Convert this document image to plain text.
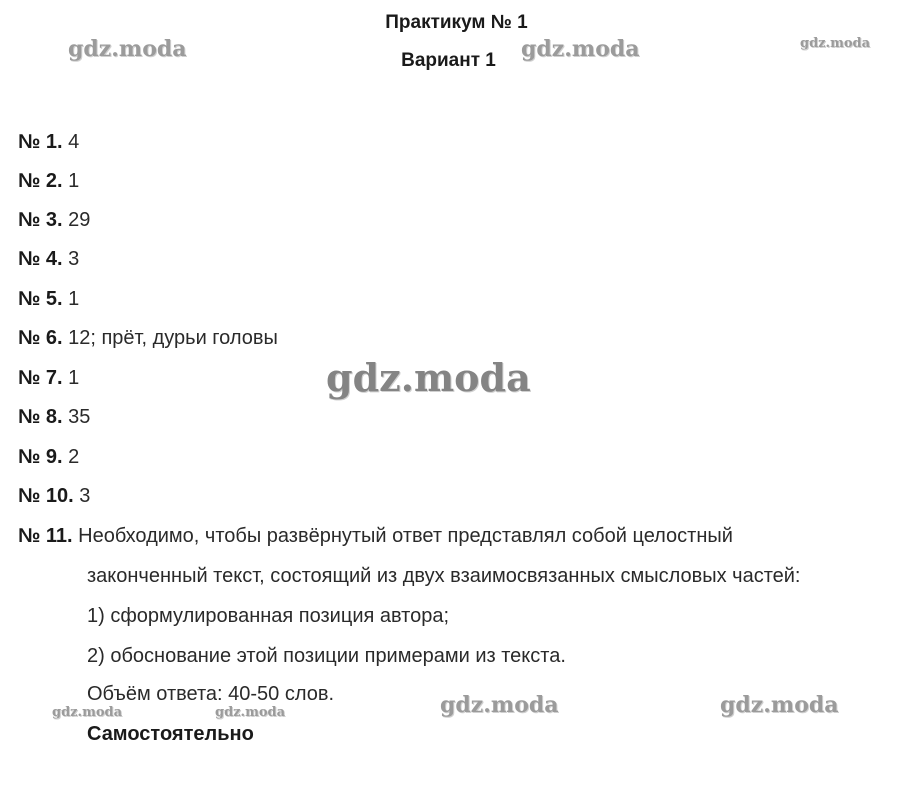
Практикум № 1
Вариант 1
№ 1. 4
№ 2. 1
№ 3. 29
№ 4. 3
№ 5. 1
№ 6. 12; прёт, дурьи головы
№ 7. 1
№ 8. 35
№ 9. 2
№ 10. 3
№ 11. Необходимо, чтобы развёрнутый ответ представлял собой целостный
законченный текст, состоящий из двух взаимосвязанных смысловых частей:
1) сформулированная позиция автора;
2) обоснование этой позиции примерами из текста.
Объём ответа: 40-50 слов.
Самостоятельно
gdz.moda	gdz.moda	gdz.moda
gdz.moda
gdz.moda	gdz.moda	gdz.moda	gdz.moda
